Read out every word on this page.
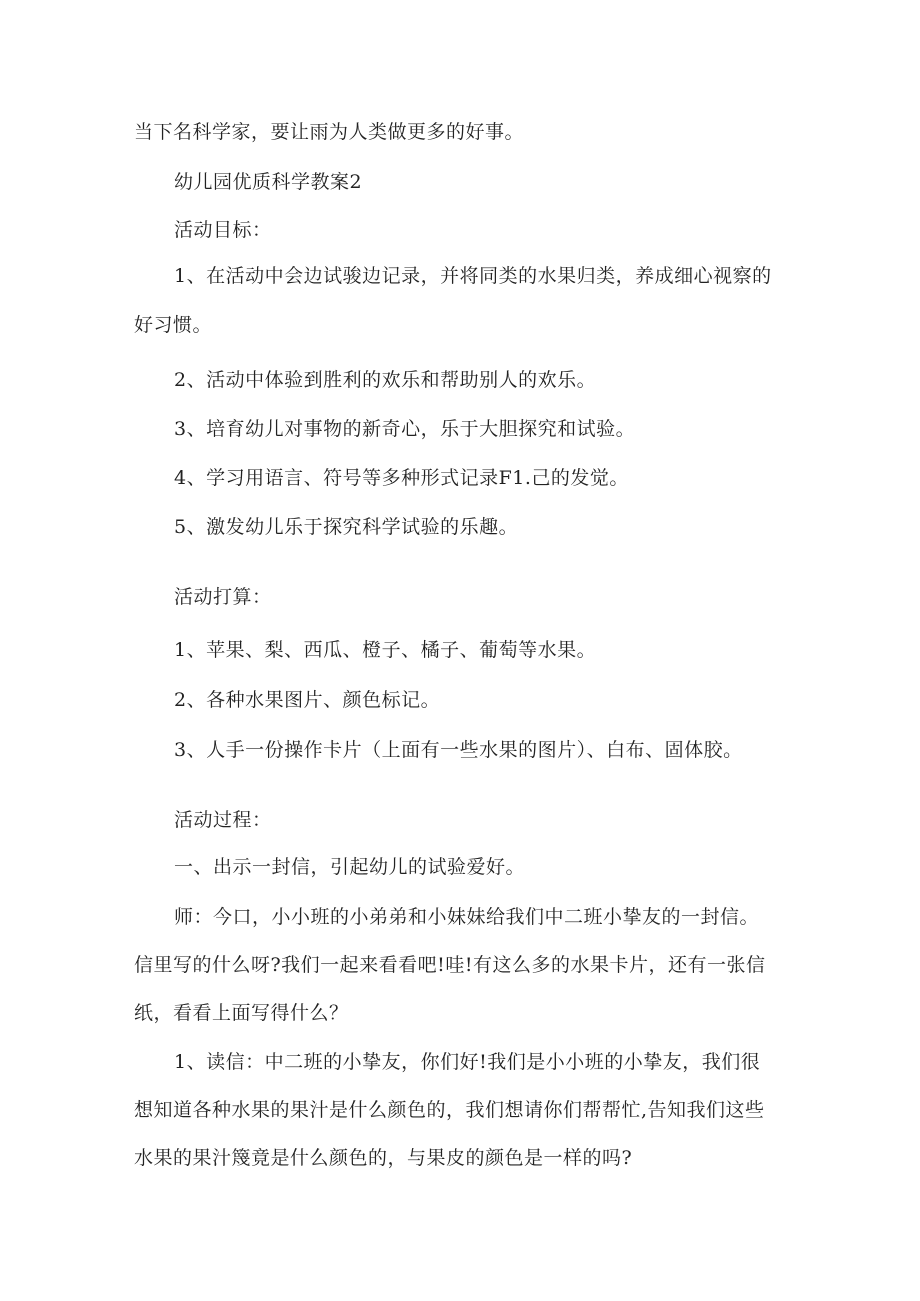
当下名科学家，要让雨为人类做更多的好事。
幼儿园优质科学教案2
活动目标：
1、在活动中会边试骏边记录，并将同类的水果归类，养成细心视察的
好习惯。
2、活动中体验到胜利的欢乐和帮助别人的欢乐。
3、培育幼儿对事物的新奇心，乐于大胆探究和试验。
4、学习用语言、符号等多种形式记录F1.己的发觉。
5、激发幼儿乐于探究科学试验的乐趣。
活动打算：
1、苹果、梨、西瓜、橙子、橘子、葡萄等水果。
2、各种水果图片、颜色标记。
3、人手一份操作卡片（上面有一些水果的图片）、白布、固体胶。
活动过程：
一、出示一封信，引起幼儿的试验爱好。
师：今口，小小班的小弟弟和小妹妹给我们中二班小挚友的一封信。
信里写的什么呀?我们一起来看看吧!哇!有这么多的水果卡片，还有一张信
纸，看看上面写得什么？
1、读信：中二班的小挚友，你们好!我们是小小班的小挚友，我们很
想知道各种水果的果汁是什么颜色的，我们想请你们帮帮忙,告知我们这些
水果的果汁篾竟是什么颜色的，与果皮的颜色是一样的吗?
